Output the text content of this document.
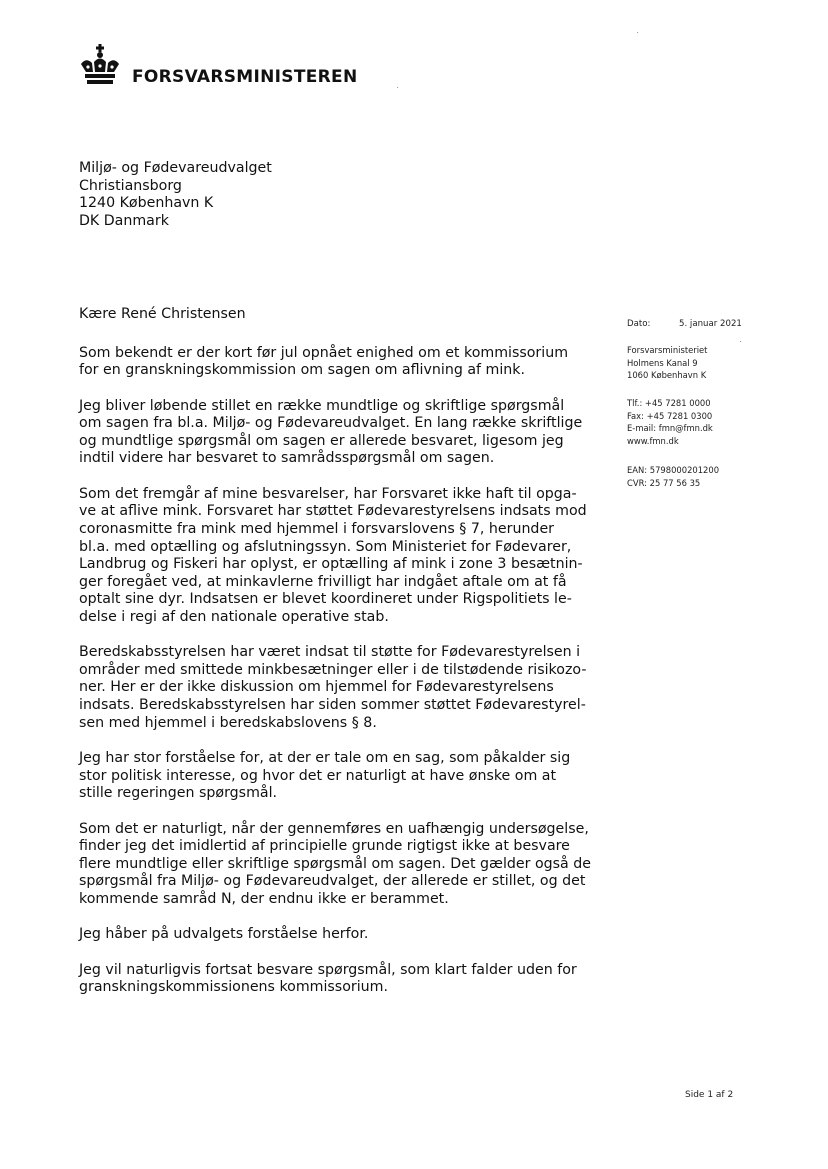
FORSVARSMINISTEREN
Miljø- og Fødevareudvalget
Christiansborg
1240 København K
DK Danmark
Dato:	5. januar 2021
Forsvarsministeriet
Holmens Kanal 9
1060 København K
Tlf.: +45 7281 0000
Fax: +45 7281 0300
E-mail: fmn@fmn.dk
www.fmn.dk
EAN: 5798000201200
CVR: 25 77 56 35

Kære René Christensen

Som bekendt er der kort før jul opnået enighed om et kommissorium
for en granskningskommission om sagen om aflivning af mink.

Jeg bliver løbende stillet en række mundtlige og skriftlige spørgsmål
om sagen fra bl.a. Miljø- og Fødevareudvalget. En lang række skriftlige
og mundtlige spørgsmål om sagen er allerede besvaret, ligesom jeg
indtil videre har besvaret to samrådsspørgsmål om sagen.

Som det fremgår af mine besvarelser, har Forsvaret ikke haft til opga-
ve at aflive mink. Forsvaret har støttet Fødevarestyrelsens indsats mod
coronasmitte fra mink med hjemmel i forsvarslovens § 7, herunder
bl.a. med optælling og afslutningssyn. Som Ministeriet for Fødevarer,
Landbrug og Fiskeri har oplyst, er optælling af mink i zone 3 besætnin-
ger foregået ved, at minkavlerne frivilligt har indgået aftale om at få
optalt sine dyr. Indsatsen er blevet koordineret under Rigspolitiets le-
delse i regi af den nationale operative stab.

Beredskabsstyrelsen har været indsat til støtte for Fødevarestyrelsen i
områder med smittede minkbesætninger eller i de tilstødende risikozo-
ner. Her er der ikke diskussion om hjemmel for Fødevarestyrelsens
indsats. Beredskabsstyrelsen har siden sommer støttet Fødevarestyrel-
sen med hjemmel i beredskabslovens § 8.

Jeg har stor forståelse for, at der er tale om en sag, som påkalder sig
stor politisk interesse, og hvor det er naturligt at have ønske om at
stille regeringen spørgsmål.

Som det er naturligt, når der gennemføres en uafhængig undersøgelse,
finder jeg det imidlertid af principielle grunde rigtigst ikke at besvare
flere mundtlige eller skriftlige spørgsmål om sagen. Det gælder også de
spørgsmål fra Miljø- og Fødevareudvalget, der allerede er stillet, og det
kommende samråd N, der endnu ikke er berammet.

Jeg håber på udvalgets forståelse herfor.

Jeg vil naturligvis fortsat besvare spørgsmål, som klart falder uden for
granskningskommissionens kommissorium.

Side 1 af 2
